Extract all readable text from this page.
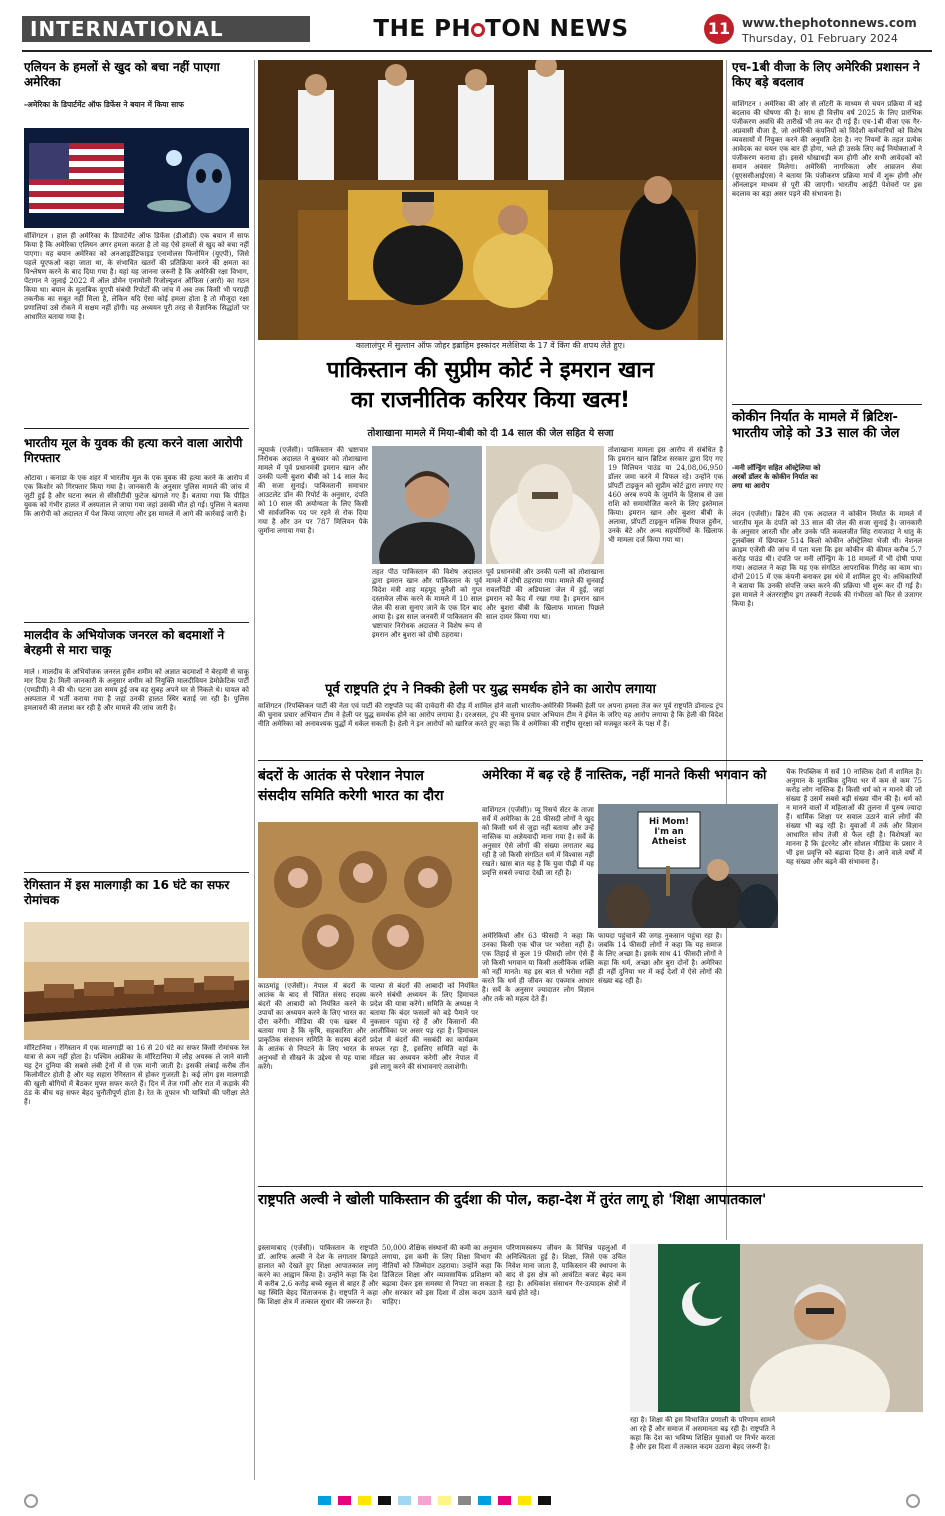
INTERNATIONAL	THE PH TON NEWS	11 www.thephotonnews.com
Thursday, 01 February 2024
एलियन के हमलों से खुद को बचा नहीं पाएगा अमेरिका
-अमेरिका के डिपार्टमेंट ऑफ डिफेंस ने बयान में किया साफ
वॉशिंगटन । हाल ही अमेरिका के डिपार्टमेंट ऑफ डिफेंस (डीओडी) एक बयान में साफ किया है कि अमेरिका एलियन अगर हमला करता है तो वह ऐसे हमलों से खुद को बचा नहीं पाएगा। यह बयान अमेरिका को अनआइडेंटिफाइड एनामोलस फिनोमिन (यूएपी), जिसे पहले यूएफओ कहा जाता था, के संभावित खतरों की प्रतिक्रिया करने की क्षमता का विश्लेषण करने के बाद दिया गया है। यहां यह जानना जरूरी है कि अमेरिकी रक्षा विभाग, पेंटागन ने जुलाई 2022 में ऑल डोमेन एनामोली रिजोल्यूशन ऑफिस (आरो) का गठन किया था। बयान के मुताबिक यूएपी संबंधी रिपोर्टों की जांच में अब तक किसी भी परग्रही तकनीक का सबूत नहीं मिला है, लेकिन यदि ऐसा कोई हमला होता है तो मौजूदा रक्षा प्रणालियां उसे रोकने में सक्षम नहीं होंगी। यह अध्ययन पूरी तरह से वैज्ञानिक सिद्धांतों पर आधारित बताया गया है।
भारतीय मूल के युवक की हत्या करने वाला आरोपी गिरफ्तार
ओटावा । कनाडा के एक शहर में भारतीय मूल के एक युवक की हत्या करने के आरोप में एक किशोर को गिरफ्तार किया गया है। जानकारी के अनुसार पुलिस मामले की जांच में जुटी हुई है और घटना स्थल से सीसीटीवी फुटेज खंगाले गए हैं। बताया गया कि पीड़ित युवक को गंभीर हालत में अस्पताल ले जाया गया जहां उसकी मौत हो गई। पुलिस ने बताया कि आरोपी को अदालत में पेश किया जाएगा और इस मामले में आगे की कार्रवाई जारी है।
मालदीव के अभियोजक जनरल को बदमाशों ने बेरहमी से मारा चाकू
माले । मालदीव के अभियोजक जनरल हुसैन शमीम को अज्ञात बदमाशों ने बेरहमी से चाकू मार दिया है। मिली जानकारी के अनुसार शमीम को नियुक्ति मालदीवियन डेमोक्रेटिक पार्टी (एमडीपी) ने की थी। घटना उस समय हुई जब वह सुबह अपने घर से निकले थे। घायल को अस्पताल में भर्ती कराया गया है जहां उनकी हालत स्थिर बताई जा रही है। पुलिस हमलावरों की तलाश कर रही है और मामले की जांच जारी है।
रेगिस्तान में इस मालगाड़ी का 16 घंटे का सफर रोमांचक
मॉरिटानिया । रेगिस्तान में एक मालगाड़ी का 16 से 20 घंटे का सफर किसी रोमांचक रेल यात्रा से कम नहीं होता है। पश्चिम अफ्रीका के मॉरिटानिया में लौह अयस्क ले जाने वाली यह ट्रेन दुनिया की सबसे लंबी ट्रेनों में से एक मानी जाती है। इसकी लंबाई करीब तीन किलोमीटर होती है और यह सहारा रेगिस्तान से होकर गुजरती है। कई लोग इस मालगाड़ी की खुली बोगियों में बैठकर मुफ्त सफर करते हैं। दिन में तेज गर्मी और रात में कड़ाके की ठंड के बीच यह सफर बेहद चुनौतीपूर्ण होता है। रेत के तूफान भी यात्रियों की परीक्षा लेते हैं।
कालालंपुर में सुल्तान ऑफ जोहर इब्राहिम इस्कांदर मलेशिया के 17 वें किंग की शपथ लेते हुए।
पाकिस्तान की सुप्रीम कोर्ट ने इमरान खान
का राजनीतिक करियर किया खत्म!
तोशाखाना मामले में मिया-बीबी को दी 14 साल की जेल सहित ये सजा
न्यूयार्क (एजेंसी)। पाकिस्तान की भ्रष्टाचार निरोधक अदालत ने बुधवार को तोशाखाना मामले में पूर्व प्रधानमंत्री इमरान खान और उनकी पत्नी बुशरा बीबी को 14 साल कैद की सजा सुनाई। पाकिस्तानी समाचार आउटलेट डॉन की रिपोर्ट के अनुसार, दंपति को 10 साल की अयोग्यता के लिए किसी भी सार्वजनिक पद पर रहने से रोक दिया गया है और उन पर 787 मिलियन पैके जुर्माना लगाया गया है।
तहत पीठ पाकिस्तान की विशेष अदालत द्वारा इमरान खान और पाकिस्तान के पूर्व विदेश मंत्री शाह महमूद कुरैशी को गुप्त दस्तावेज लीक करने के मामले में 10 साल जेल की सजा सुनाए जाने के एक दिन बाद आया है। इस साल जनवरी में पाकिस्तान की भ्रष्टाचार निरोधक अदालत ने विशेष रूप से इमरान और बुशरा को दोषी ठहराया।
पूर्व प्रधानमंत्री और उनकी पत्नी को तोशाखाना मामले में दोषी ठहराया गया। मामले की सुनवाई रावलपिंडी की अडियाला जेल में हुई, जहां इमरान को कैद में रखा गया है। इमरान खान और बुशरा बीबी के खिलाफ मामला पिछले साल दायर किया गया था।
तोशाखाना मामला इस आरोप से संबंधित है कि इमरान खान ब्रिटिश सरकार द्वारा दिए गए 19 मिलियन पाउंड या 24,08,06,950 डॉलर जमा करने में विफल रहे। उन्होंने एक प्रॉपर्टी टाइकून को सुप्रीम कोर्ट द्वारा लगाए गए 460 अरब रुपये के जुर्माने के हिसाब से उस राशि को समायोजित करने के लिए इस्तेमाल किया। इमरान खान और बुशरा बीबी के अलावा, प्रॉपर्टी टाइकून मलिक रियाज हुसैन, उनके बेटे और अन्य सहयोगियों के खिलाफ भी मामला दर्ज किया गया था।
पूर्व राष्ट्रपति ट्रंप ने निक्की हेली पर युद्ध समर्थक होने का आरोप लगाया
वाशिंगटन (रिपब्लिकन पार्टी की नेता एवं पार्टी की राष्ट्रपति पद की दावेदारी की दौड़ में शामिल होने वाली भारतीय-अमेरिकी निक्की हेली पर अपना हमला तेज कर पूर्व राष्ट्रपति डोनाल्ड ट्रंप की चुनाव प्रचार अभियान टीम ने हेली पर युद्ध समर्थक होने का आरोप लगाया है। दरअसल, ट्रंप की चुनाव प्रचार अभियान टीम ने ईमेल के जरिए यह आरोप लगाया है कि हेली की विदेश नीति अमेरिका को अनावश्यक युद्धों में धकेल सकती है। हेली ने इन आरोपों को खारिज करते हुए कहा कि वे अमेरिका की राष्ट्रीय सुरक्षा को मजबूत करने के पक्ष में हैं।
बंदरों के आतंक से परेशान नेपाल
संसदीय समिति करेगी भारत का दौरा
काठमांडू (एजेंसी)। नेपाल में बंदरों के आतंक के बाद से चिंतित संसद सदस्य बंदरों की आबादी को नियंत्रित करने के उपायों का अध्ययन करने के लिए भारत का दौरा करेंगी। मीडिया की एक खबर में बताया गया है कि कृषि, सहकारिता और प्राकृतिक संसाधन समिति के सदस्य बंदरों के आतंक से निपटने के लिए भारत के अनुभवों से सीखने के उद्देश्य से यह यात्रा करेंगे।
पाल्पा से बंदरों की आबादी को नियंत्रित करने संबंधी अध्ययन के लिए हिमाचल प्रदेश की यात्रा करेंगे। समिति के अध्यक्ष ने बताया कि बंदर फसलों को बड़े पैमाने पर नुकसान पहुंचा रहे हैं और किसानों की आजीविका पर असर पड़ रहा है। हिमाचल प्रदेश में बंदरों की नसबंदी का कार्यक्रम सफल रहा है, इसलिए समिति वहां के मॉडल का अध्ययन करेगी और नेपाल में इसे लागू करने की संभावनाएं तलाशेगी।
अमेरिका में बढ़ रहे हैं नास्तिक, नहीं मानते किसी भगवान को
वाशिंगटन (एजेंसी)। प्यू रिसर्च सेंटर के ताजा सर्वे में अमेरिका के 28 फीसदी लोगों ने खुद को किसी धर्म से जुड़ा नहीं बताया और उन्हें नास्तिक या अज्ञेयवादी माना गया है। सर्वे के अनुसार ऐसे लोगों की संख्या लगातार बढ़ रही है जो किसी संगठित धर्म में विश्वास नहीं रखते। खास बात यह है कि युवा पीढ़ी में यह प्रवृत्ति सबसे ज्यादा देखी जा रही है।
Hi Mom! I'm an Atheist
अमेरिकियों और 63 फीसदी ने कहा कि उनका किसी एक चीज पर भरोसा नहीं है। एक तिहाई से कुल 19 फीसदी लोग ऐसे हैं जो किसी भगवान या किसी अलौकिक शक्ति को नहीं मानते। यह इस बात से भरोसा नहीं करते कि धर्म ही जीवन का एकमात्र आधार है। सर्वे के अनुसार ज्यादातर लोग विज्ञान और तर्क को महत्व देते हैं।
फायदा पहुंचाने की जगह नुकसान पहुंचा रहा है। जबकि 14 फीसदी लोगों ने कहा कि यह समाज के लिए अच्छा है। इसके साथ 41 फीसदी लोगों ने कहा कि धर्म, अच्छा और बुरा दोनों है। अमेरिका ही नहीं दुनिया भर में कई देशों में ऐसे लोगों की संख्या बढ़ रही है।
एच-1बी वीजा के लिए अमेरिकी प्रशासन ने किए बड़े बदलाव
वाशिंगटन । अमेरिका की ओर से लॉटरी के माध्यम से चयन प्रक्रिया में बड़े बदलाव की घोषणा की है। साथ ही वित्तीय वर्ष 2025 के लिए प्रारंभिक पंजीकरण अवधि की तारीखें भी तय कर दी गई हैं। एच-1बी वीजा एक गैर-अप्रवासी वीजा है, जो अमेरिकी कंपनियों को विदेशी कर्मचारियों को विशेष व्यवसायों में नियुक्त करने की अनुमति देता है। नए नियमों के तहत प्रत्येक आवेदक का चयन एक बार ही होगा, भले ही उसके लिए कई नियोक्ताओं ने पंजीकरण कराया हो। इससे धोखाधड़ी कम होगी और सभी आवेदकों को समान अवसर मिलेगा। अमेरिकी नागरिकता और आव्रजन सेवा (यूएससीआईएस) ने बताया कि पंजीकरण प्रक्रिया मार्च में शुरू होगी और ऑनलाइन माध्यम से पूरी की जाएगी। भारतीय आईटी पेशेवरों पर इस बदलाव का बड़ा असर पड़ने की संभावना है।
कोकीन निर्यात के मामले में ब्रिटिश-भारतीय जोड़े को 33 साल की जेल
-मनी लॉन्ड्रिंग सहित ऑस्ट्रेलिया को अरबों डॉलर के कोकीन निर्यात का लगा था आरोप
लंदन (एजेंसी)। ब्रिटेन की एक अदालत ने कोकीन निर्यात के मामले में भारतीय मूल के दंपति को 33 साल की जेल की सजा सुनाई है। जानकारी के अनुसार आरती धीर और उनके पति कवलजीत सिंह रायजादा ने धातु के टूलबॉक्स में छिपाकर 514 किलो कोकीन ऑस्ट्रेलिया भेजी थी। नेशनल क्राइम एजेंसी की जांच में पता चला कि इस कोकीन की कीमत करीब 5.7 करोड़ पाउंड थी। दंपति पर मनी लॉन्ड्रिंग के 18 मामलों में भी दोषी पाया गया। अदालत ने कहा कि यह एक संगठित आपराधिक गिरोह का काम था। दोनों 2015 में एक कंपनी बनाकर इस धंधे में शामिल हुए थे। अधिकारियों ने बताया कि उनकी संपत्ति जब्त करने की प्रक्रिया भी शुरू कर दी गई है। इस मामले ने अंतरराष्ट्रीय ड्रग तस्करी नेटवर्क की गंभीरता को फिर से उजागर किया है।
चैक रिपब्लिक में सर्वे 10 नास्तिक देशों में शामिल है। अनुमान के मुताबिक दुनिया भर में कम से कम 75 करोड़ लोग नास्तिक हैं। किसी धर्म को न मानने की जो संख्या है उसमें सबसे बड़ी संख्या चीन की है। धर्म को न मानने वालों में महिलाओं की तुलना में पुरुष ज्यादा हैं। धार्मिक शिक्षा पर सवाल उठाने वाले लोगों की संख्या भी बढ़ रही है। युवाओं में तर्क और विज्ञान आधारित सोच तेजी से फैल रही है। विशेषज्ञों का मानना है कि इंटरनेट और सोशल मीडिया के प्रसार ने भी इस प्रवृत्ति को बढ़ावा दिया है। आने वाले वर्षों में यह संख्या और बढ़ने की संभावना है।
राष्ट्रपति अल्वी ने खोली पाकिस्तान की दुर्दशा की पोल, कहा-देश में तुरंत लागू हो 'शिक्षा आपातकाल'
इस्लामाबाद (एजेंसी)। पाकिस्तान के राष्ट्रपति डॉ. आरिफ अल्वी ने देश के लगातार बिगड़ते हालात को देखते हुए शिक्षा आपातकाल लागू करने का आह्वान किया है। उन्होंने कहा कि देश में करीब 2.6 करोड़ बच्चे स्कूल से बाहर हैं और यह स्थिति बेहद चिंताजनक है। राष्ट्रपति ने कहा कि शिक्षा क्षेत्र में तत्काल सुधार की जरूरत है।
50,000 शैक्षिक संस्थानों की कमी का अनुमान लगाया, इस कमी के लिए शिक्षा विभाग की नीतियों को जिम्मेदार ठहराया। उन्होंने कहा कि डिजिटल शिक्षा और व्यावसायिक प्रशिक्षण को बढ़ावा देकर इस समस्या से निपटा जा सकता है और सरकार को इस दिशा में ठोस कदम उठाने चाहिए।
परिणामस्वरूप जीवन के विभिन्न पहलुओं में अनिश्चितता हुई है। शिक्षा, जिसे एक उचित निवेश माना जाता है, पाकिस्तान की स्थापना के बाद से इस क्षेत्र को आवंटित बजट बेहद कम रहा है। अधिकांश संसाधन गैर-उत्पादक क्षेत्रों में खर्च होते रहे।
रहा है। शिक्षा की इस विभाजित प्रणाली के परिणाम सामने आ रहे हैं और समाज में असमानता बढ़ रही है। राष्ट्रपति ने कहा कि देश का भविष्य शिक्षित युवाओं पर निर्भर करता है और इस दिशा में तत्काल कदम उठाना बेहद जरूरी है।
